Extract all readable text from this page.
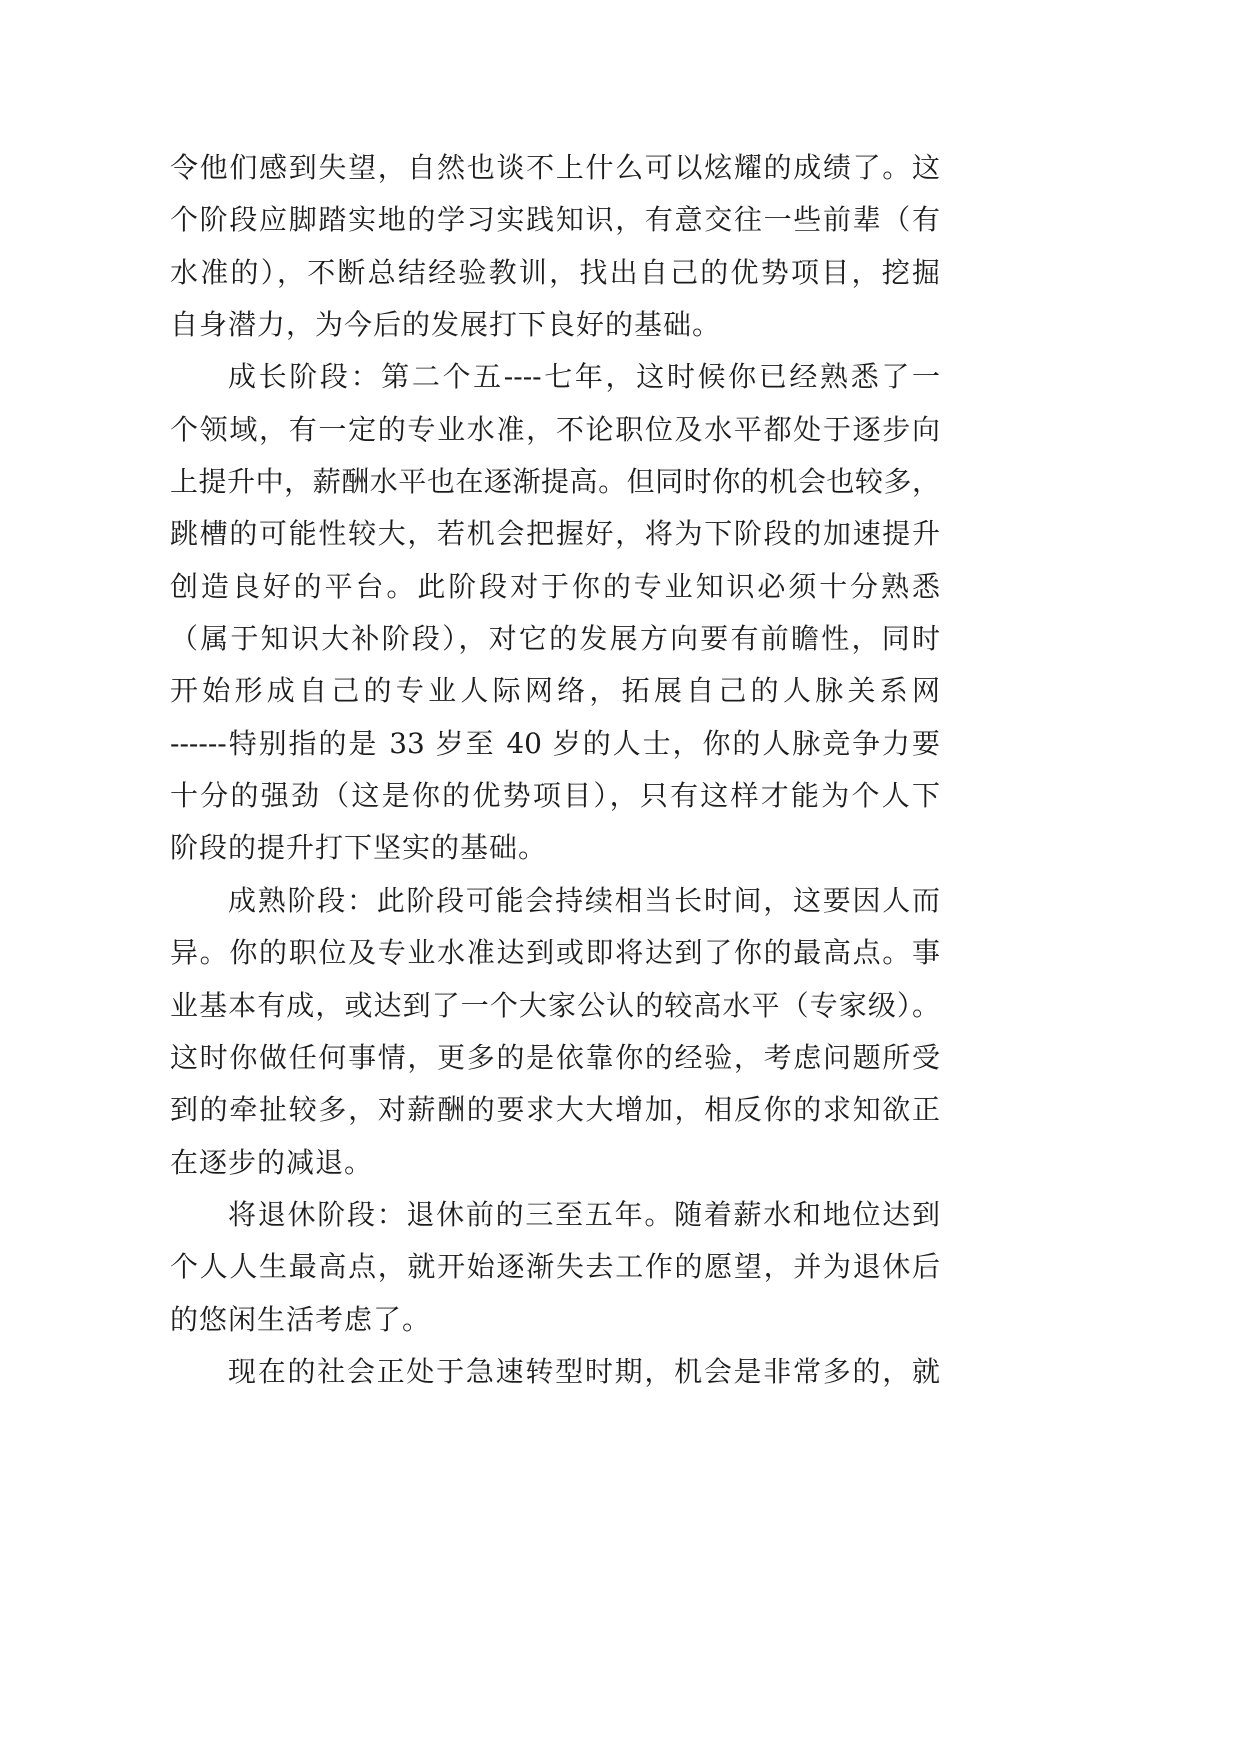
令他们感到失望，自然也谈不上什么可以炫耀的成绩了。这
个阶段应脚踏实地的学习实践知识，有意交往一些前辈（有
水准的），不断总结经验教训，找出自己的优势项目，挖掘
自身潜力，为今后的发展打下良好的基础。
成长阶段：第二个五----七年，这时候你已经熟悉了一
个领域，有一定的专业水准，不论职位及水平都处于逐步向
上提升中，薪酬水平也在逐渐提高。但同时你的机会也较多，
跳槽的可能性较大，若机会把握好，将为下阶段的加速提升
创造良好的平台。此阶段对于你的专业知识必须十分熟悉
（属于知识大补阶段），对它的发展方向要有前瞻性，同时
开始形成自己的专业人际网络，拓展自己的人脉关系网
------特别指的是 33 岁至 40 岁的人士，你的人脉竞争力要
十分的强劲（这是你的优势项目），只有这样才能为个人下
阶段的提升打下坚实的基础。
成熟阶段：此阶段可能会持续相当长时间，这要因人而
异。你的职位及专业水准达到或即将达到了你的最高点。事
业基本有成，或达到了一个大家公认的较高水平（专家级）。
这时你做任何事情，更多的是依靠你的经验，考虑问题所受
到的牵扯较多，对薪酬的要求大大增加，相反你的求知欲正
在逐步的减退。
将退休阶段：退休前的三至五年。随着薪水和地位达到
个人人生最高点，就开始逐渐失去工作的愿望，并为退休后
的悠闲生活考虑了。
现在的社会正处于急速转型时期，机会是非常多的，就
